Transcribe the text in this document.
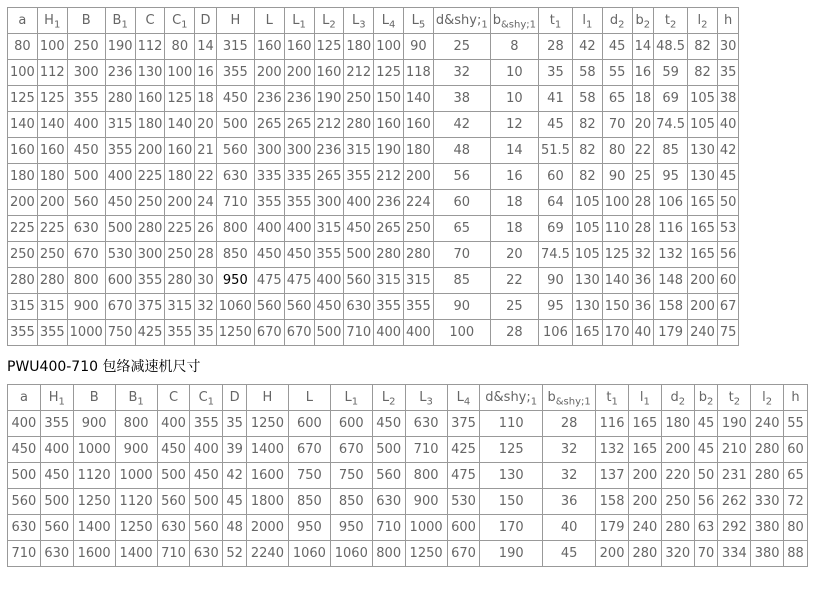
a	$H_1$	B	$B_1$	C	$C_1$	D	H	L	$L_1$	$L_2$	$L_3$	$L_4$	$L_5$	$d\&shy;_1$	$b_{\&shy;1}$	$t_1$	$l_1$	$d_2$	$b_2$	$t_2$	$l_2$	h
80	100	250	190	112	80	14	315	160	160	125	180	100	90	25	8	28	42	45	14	48.5	82	30
100	112	300	236	130	100	16	355	200	200	160	212	125	118	32	10	35	58	55	16	59	82	35
125	125	355	280	160	125	18	450	236	236	190	250	150	140	38	10	41	58	65	18	69	105	38
140	140	400	315	180	140	20	500	265	265	212	280	160	160	42	12	45	82	70	20	74.5	105	40
160	160	450	355	200	160	21	560	300	300	236	315	190	180	48	14	51.5	82	80	22	85	130	42
180	180	500	400	225	180	22	630	335	335	265	355	212	200	56	16	60	82	90	25	95	130	45
200	200	560	450	250	200	24	710	355	355	300	400	236	224	60	18	64	105	100	28	106	165	50
225	225	630	500	280	225	26	800	400	400	315	450	265	250	65	18	69	105	110	28	116	165	53
250	250	670	530	300	250	28	850	450	450	355	500	280	280	70	20	74.5	105	125	32	132	165	56
280	280	800	600	355	280	30	950	475	475	400	560	315	315	85	22	90	130	140	36	148	200	60
315	315	900	670	375	315	32	1060	560	560	450	630	355	355	90	25	95	130	150	36	158	200	67
355	355	1000	750	425	355	35	1250	670	670	500	710	400	400	100	28	106	165	170	40	179	240	75

PWU400-710 包络减速机尺寸

a	$H_1$	B	$B_1$	C	$C_1$	D	H	L	$L_1$	$L_2$	$L_3$	$L_4$	$d\&shy;_1$	$b_{\&shy;1}$	$t_1$	$l_1$	$d_2$	$b_2$	$t_2$	$l_2$	h
400	355	900	800	400	355	35	1250	600	600	450	630	375	110	28	116	165	180	45	190	240	55
450	400	1000	900	450	400	39	1400	670	670	500	710	425	125	32	132	165	200	45	210	280	60
500	450	1120	1000	500	450	42	1600	750	750	560	800	475	130	32	137	200	220	50	231	280	65
560	500	1250	1120	560	500	45	1800	850	850	630	900	530	150	36	158	200	250	56	262	330	72
630	560	1400	1250	630	560	48	2000	950	950	710	1000	600	170	40	179	240	280	63	292	380	80
710	630	1600	1400	710	630	52	2240	1060	1060	800	1250	670	190	45	200	280	320	70	334	380	88
